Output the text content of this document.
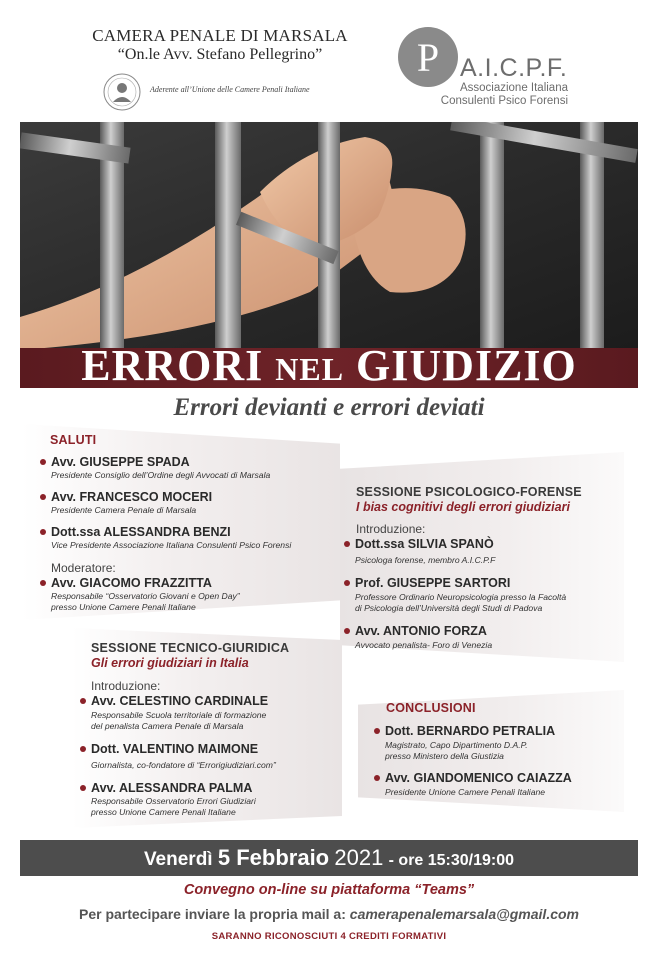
CAMERA PENALE DI MARSALA
“On.le Avv. Stefano Pellegrino”
Aderente all’Unione delle Camere Penali Italiane
P A.I.C.P.F.
Associazione Italiana
Consulenti Psico Forensi
ERRORI NEL GIUDIZIO
Errori devianti e errori deviati
SALUTI
Avv. GIUSEPPE SPADA
Presidente Consiglio dell’Ordine degli Avvocati di Marsala
Avv. FRANCESCO MOCERI
Presidente Camera Penale di Marsala
Dott.ssa ALESSANDRA BENZI
Vice Presidente Associazione Italiana Consulenti Psico Forensi
Moderatore:
Avv. GIACOMO FRAZZITTA
Responsabile “Osservatorio Giovani e Open Day”
presso Unione Camere Penali Italiane
SESSIONE PSICOLOGICO-FORENSE
I bias cognitivi degli errori giudiziari
Introduzione:
Dott.ssa SILVIA SPANÒ
Psicologa forense, membro A.I.C.P.F
Prof. GIUSEPPE SARTORI
Professore Ordinario Neuropsicologia presso la Facoltà
di Psicologia dell’Università degli Studi di Padova
Avv. ANTONIO FORZA
Avvocato penalista- Foro di Venezia
SESSIONE TECNICO-GIURIDICA
Gli errori giudiziari in Italia
Introduzione:
Avv. CELESTINO CARDINALE
Responsabile Scuola territoriale di formazione
del penalista Camera Penale di Marsala
Dott. VALENTINO MAIMONE
Giornalista, co-fondatore di “Errorigiudiziari.com”
Avv. ALESSANDRA PALMA
Responsabile Osservatorio Errori Giudiziari
presso Unione Camere Penali Italiane
CONCLUSIONI
Dott. BERNARDO PETRALIA
Magistrato, Capo Dipartimento D.A.P.
presso Ministero della Giustizia
Avv. GIANDOMENICO CAIAZZA
Presidente Unione Camere Penali Italiane
Venerdì 5 Febbraio 2021 - ore 15:30/19:00
Convegno on-line su piattaforma “Teams”
Per partecipare inviare la propria mail a: camerapenalemarsala@gmail.com
SARANNO RICONOSCIUTI 4 CREDITI FORMATIVI
